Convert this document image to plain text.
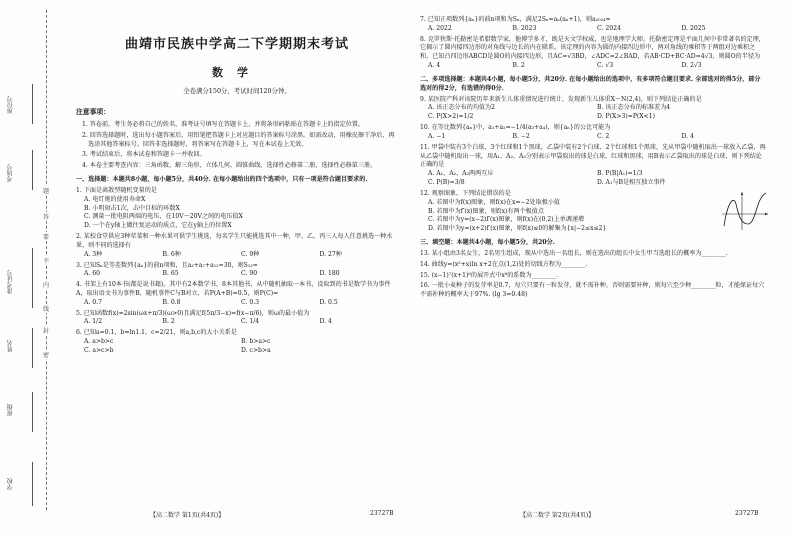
座位号
考场号
准考证号
姓名
班级
学校
题
答
要
不
内
线
封
密
曲靖市民族中学高二下学期期末考试
数学
全卷满分150分，考试时间120分钟。
注意事项：
1. 答卷前，考生务必将自己的姓名、准考证号填写在答题卡上，并将条形码粘贴在答题卡上的指定位置。
2. 回答选择题时，选出每小题答案后，用铅笔把答题卡上对应题目的答案标号涂黑。如需改动，用橡皮擦干净后，再选涂其他答案标号。回答非选择题时，将答案写在答题卡上，写在本试卷上无效。
3. 考试结束后，将本试卷和答题卡一并收回。
4. 本卷主要考查内容：三角函数、解三角形、立体几何、圆锥曲线、选择性必修第二册、选择性必修第三册。
一、选择题：本题共8小题，每小题5分，共40分. 在每小题给出的四个选项中，只有一项是符合题目要求的.
1. 下面是离散型随机变量的是
A. 电灯炮的使用寿命X
B. 小明射击1次，击中目标的环数X
C. 测量一批电阻两端的电压，在10V～20V之间的电压值X
D. 一个在y轴上做往复运动的质点，它在y轴上的位置X
2. 某校食堂供应3种荤菜和一种水果可供学生挑选，每名学生只能挑选其中一种，甲、乙、丙三人每人任意挑选一种水果，则不同的选择有
A. 3种	B. 6种	C. 9种	D. 27种
3. 已知Sₙ是等差数列{aₙ}的前n项和，且a₂+a₇+a₁₂=30，则S₁₃=
A. 60	B. 65	C. 90	D. 180
4. 书架上有10本书(都是说书籍)，其中有2本数学书、8本其他书，从中随机抽取一本书，设取到的书是数学书为事件A，取出语文书为事件B，随机事件C与B对立，若P(A+B)=0.5，则P(C)=
A. 0.7	B. 0.8	C. 0.3	D. 0.5
5. 已知函数f(x)=2sin(ωx+π/3)(ω>0)且满足f(5π/3−x)=f(x−π/6)，则ω的最小值为
A. 1/2	B. 2	C. 1/4	D. 4
6. 已知a=0.1，b=ln1.1，c=2/21，则a,b,c的大小关系是
A. a>b>c	B. b>a>c
C. a>c>b	D. c>b>a
7. 已知正项数列{aₙ}的前n项和为Sₙ，满足2Sₙ=aₙ(aₙ+1)，则a₂₀₂₄=
A. 2022	B. 2023	C. 2024	D. 2025
8. 克罗狄斯·托勒密是希腊数学家，他博学多才，既是天文学权威，也是地理学大师。托勒密定理是平面几何中非常著名的定理，它揭示了圆内接四边形的对角线与边长的内在联系，该定理的内容为圆的内接四边形中，两对角线的乘积等于两组对边乘积之和。已知凸四边形ABCD是圆O的内接四边形，且AC=√3BD，∠ADC=2∠BAD，若AB·CD+BC·AD=4√3，则圆O的半径为
A. 4	B. 2	C. √3	D. 2√3
二、多项选择题：本题共4小题，每小题5分，共20分. 在每小题给出的选项中，有多项符合题目要求. 全部选对的得5分，部分选对的得2分，有选错的得0分.
9. 某医院产科对该院历年来新生儿体重情况进行统计，发现新生儿体重X～N(2,4)，则下列结论正确的是
A. 该正态分布的均值为2	B. 该正态分布的标准差为4
C. P(X>2)=1/2	D. P(X>3)=P(X<1)
10. 在等比数列{aₙ}中，a₁+a₂=−1/4(a₃+a₄)，则{aₙ}的公比可能为
A. −1	B. −2	C. 2	D. 4
11. 甲袋中装有3个白球、3个红球和1个黑球，乙袋中装有2个白球、2个红球和1个黑球，先从甲袋中随机取出一球放入乙袋，再从乙袋中随机取出一球，用A₁、A₂、A₃分别表示甲袋取出的球是白球、红球和黑球，用B表示乙袋取出的球是白球，则下列结论正确的是
A. A₁、A₂、A₃两两互斥	B. P(B|A₁)=1/3
C. P(B)=3/8	D. A₁与B是相互独立事件
12. 观察图象，下列结论错误的是
A. 若图中为f(x)图象，则f(x)在x=−2处取极小值
B. 若图中为f′(x)图象，则f(x)有两个极值点
C. 若图中为y=(x−2)f′(x)图象，则f(x)在(0,2)上单调递增
D. 若图中为y=(x+2)f′(x)图象，则f(x)≤0的解集为{x|−2≤x≤2}
三、填空题：本题共4小题，每小题5分，共20分.
13. 某小组由3名女生、2名男生组成，现从中选出一名组长，则在选出的组长中女生甲当选组长的概率为________.
14. 曲线y=(x²+x)ln x+2在点(1,2)处的切线方程为________.
15. (x−1)⁷(x+1)⁶的展开式中x⁸的系数为________.
16. 一批小麦种子的发芽率是0.7，每穴只要有一粒发芽，就不需补种，否则需要补种，则每穴至少种________粒，才能保证每穴不需补种的概率大于97%. (lg 3≈0.48)
【高二数学 第1页(共4页)】	23727B	【高二数学 第2页(共4页)】	23727B
